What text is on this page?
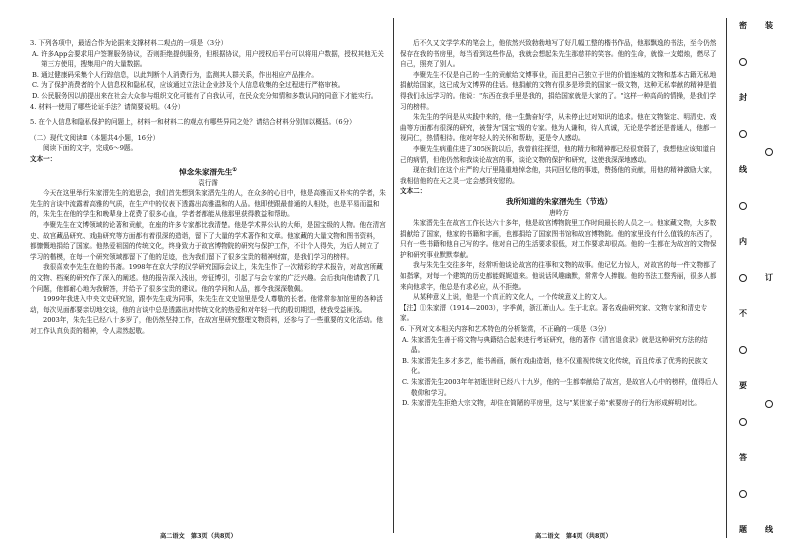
3. 下列各项中，最适合作为论据来支撑材料二观点的一项是（3分）

A. 许多App会要求用户签署服务协议，否则拒绝提供服务，但根据协议，用户授权后平台可以将用户数据，授权其他无关第三方使用，搜集用户的大量数据。

B. 通过健康码采集个人行踪信息，以此判断个人消费行为，监测其人群关系，作出相应产品推介。

C. 为了保护消费者的个人信息权和隐私权，应该通过立法让企业涉及个人信息收集的全过程进行严格审核。

D. 公民服务因以前提出来在社会大众参与组织文化可能有了自我认可，在民众充分知情和多数认同的同意下才能实行。

4. 材料一使用了哪些论证手法？请简要说明。（4分）

5. 在个人信息和隐私保护的问题上，材料一和材料二的观点有哪些异同之处？请结合材料分别加以概括。（6分）

（二）现代文阅读Ⅱ（本题共4小题，16分）

阅读下面的文字，完成6～9题。

文本一：

悼念朱家溍先生①

袁行霈

今天在这里举行朱家溍先生的追思会，我们首先想到朱家溍先生的人，在众多的心目中，他是高雅而又朴实的学者，朱先生的言谈中流露着高雅的气质，在生产中的仪表下透露出高雅温和的人品。他即使跟最普通的人相处，也是平易而温和的，朱先生在他的学生和晚辈身上花费了很多心血，学者者都能从他那里获得教益和帮助。

李聚先生在文博领域的论著和贡献，在座的许多专家都比我清楚。他是学术界公认的大师，是国宝级的人物。他在清宫史、故宫藏品研究、戏曲研究等方面都有着很深的造诣，留下了大量的学术著作和文章。他家藏的大量文物和图书资料，都慷慨地捐给了国家。他热爱祖国的传统文化，终身致力于故宫博物院的研究与保护工作，不计个人得失，为后人树立了学习的楷模，在每一个研究领域都留下了他的足迹，也为我们留下了很多宝贵的精神财富，是我们学习的榜样。

我很喜欢李先生在他的书斋。1998年在京大学的汉学研究国际会议上，朱先生作了一次精彩的学术报告，对故宫所藏的文物、档案的研究作了深入的阐述。他的报告深入浅出，旁征博引，引起了与会专家的广泛兴趣。会后我向他请教了几个问题，他都耐心地为我解答，并给予了很多宝贵的建议。他的学问和人品，都令我深深敬佩。

1999年我进入中央文史研究馆，跟李先生成为同事，朱先生在文史馆里是受人尊敬的长者。他常常参加馆里的各种活动，每次见面都要亲切地交谈，他的言谈中总是透露出对传统文化的热爱和对年轻一代的殷切期望，使我受益匪浅。

2003年，朱先生已经八十多岁了，他仍然坚持工作，在故宫里研究整理文物资料，还参与了一些重要的文化活动。他对工作认真负责的精神，令人肃然起敬。

后不久又文学学术的笔会上，他依然兴致勃勃地写了好几幅工整的楷书作品，他那飘逸的书法，至今仍然保存在我的书房里，每当看到这些作品，我就会想起朱先生那慈祥的笑容。他的生命，就像一支蜡烛，燃尽了自己，照亮了别人。

李聚先生不仅是自己的一生的贡献给文博事业，而且把自己独立于世的价值连城的文物和基本古籍无私地捐献给国家，这已成为文博界的佳话。他捐献的文物有很多是珍贵的国家一级文物，这种无私奉献的精神是值得我们永远学习的。他说："东西在我手里是我的，捐给国家就是大家的了。"这样一种高尚的情操，是我们学习的榜样。

朱先生的学问是从实践中来的，他一生勤奋好学，从未停止过对知识的追求。他在文物鉴定、明清史、戏曲等方面都有很深的研究，被誉为"国宝"级的专家。他为人谦和，待人真诚，无论是学者还是普通人，他都一视同仁，热情相待。他对年轻人的关怀和帮助，更是令人感动。

李聚先生病重住进了305医院以后，我曾前往探望，他的精力和精神都已经很衰弱了，我想他应该知道自己的病情，但他仍然和我谈论故宫的事，谈论文物的保护和研究，这使我深深地感动。

现在我们在这个庄严的大厅里隆重地悼念他，共同回忆他的事迹，赞扬他的贡献，用他的精神激励大家，我相信他的在天之灵一定会感到安慰的。

文本二：

我所知道的朱家溍先生（节选）

唐吟方

朱家溍先生在故宫工作长达六十多年，他是故宫博物院里工作时间最长的人员之一。他家藏文物，大多数捐献给了国家，他家的书籍和字画，也都捐给了国家图书馆和故宫博物院。他的家里没有什么值钱的东西了，只有一些书籍和他自己写的字。他对自己的生活要求很低，对工作要求却很高。他的一生都在为故宫的文物保护和研究事业默默奉献。

我与朱先生交往多年，经常听他谈论故宫的往事和文物的故事。他记忆力惊人，对故宫的每一件文物都了如指掌，对每一个建筑的历史都能娓娓道来。他说话风趣幽默，常常令人捧腹。他的书法工整秀丽，很多人都来向他求字，他总是有求必应，从不拒绝。

从某种意义上说，他是一个真正的文化人，一个传统意义上的文人。

【注】①朱家溍（1914—2003），字季黄，浙江萧山人。生于北京。著名戏曲研究家、文物专家和清史专家。

6. 下列对文本相关内容和艺术特色的分析鉴赏，不正确的一项是（3分）

A. 朱家溍先生善于将文物与典籍结合起来进行考证研究，他的著作《清宫退食录》就是这种研究方法的结晶。

B. 朱家溍先生多才多艺，能书善画，颇有戏曲造诣，他不仅重视传统文化传统，而且传承了优秀的民族文化。

C. 朱家溍先生2003年年初逝世时已经八十九岁，他的一生都奉献给了故宫，是故宫人心中的榜样，值得后人敬仰和学习。

D. 朱家溍先生拒绝大宗文物，却住在简陋的平房里，这与"某世家子弟"索要房子的行为形成鲜明对比。

高二语文　第3页（共8页）	高二语文　第4页（共8页）
密
封
线
内
不
要
答
题
装
订
线
